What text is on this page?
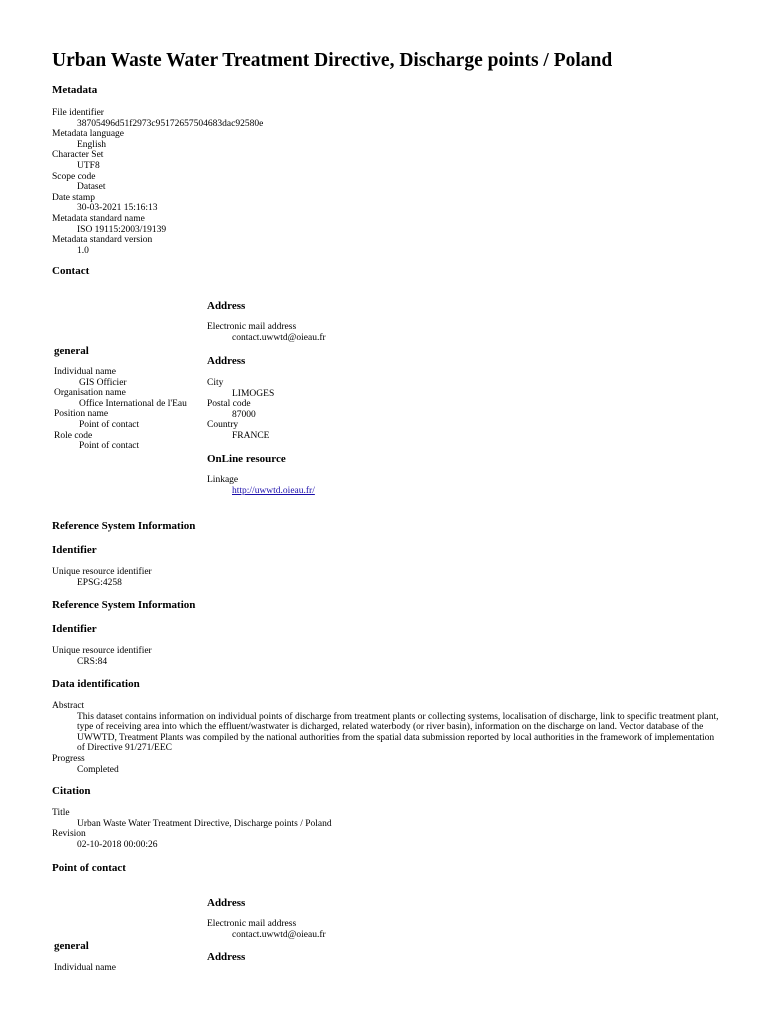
Urban Waste Water Treatment Directive, Discharge points / Poland
Metadata
File identifier
38705496d51f2973c95172657504683dac92580e
Metadata language
English
Character Set
UTF8
Scope code
Dataset
Date stamp
30-03-2021 15:16:13
Metadata standard name
ISO 19115:2003/19139
Metadata standard version
1.0
Contact
general
Individual name
GIS Officier
Organisation name
Office International de l'Eau
Position name
Point of contact
Role code
Point of contact
Address
Electronic mail address
contact.uwwtd@oieau.fr
Address
City
LIMOGES
Postal code
87000
Country
FRANCE
OnLine resource
Linkage
http://uwwtd.oieau.fr/
Reference System Information
Identifier
Unique resource identifier
EPSG:4258
Reference System Information
Identifier
Unique resource identifier
CRS:84
Data identification
Abstract
This dataset contains information on individual points of discharge from treatment plants or collecting systems, localisation of discharge, link to specific treatment plant, type of receiving area into which the effluent/wastwater is dicharged, related waterbody (or river basin), information on the discharge on land. Vector database of the UWWTD, Treatment Plants was compiled by the national authorities from the spatial data submission reported by local authorities in the framework of implementation of Directive 91/271/EEC
Progress
Completed
Citation
Title
Urban Waste Water Treatment Directive, Discharge points / Poland
Revision
02-10-2018 00:00:26
Point of contact
Address
Electronic mail address
contact.uwwtd@oieau.fr
general
Address
Individual name
